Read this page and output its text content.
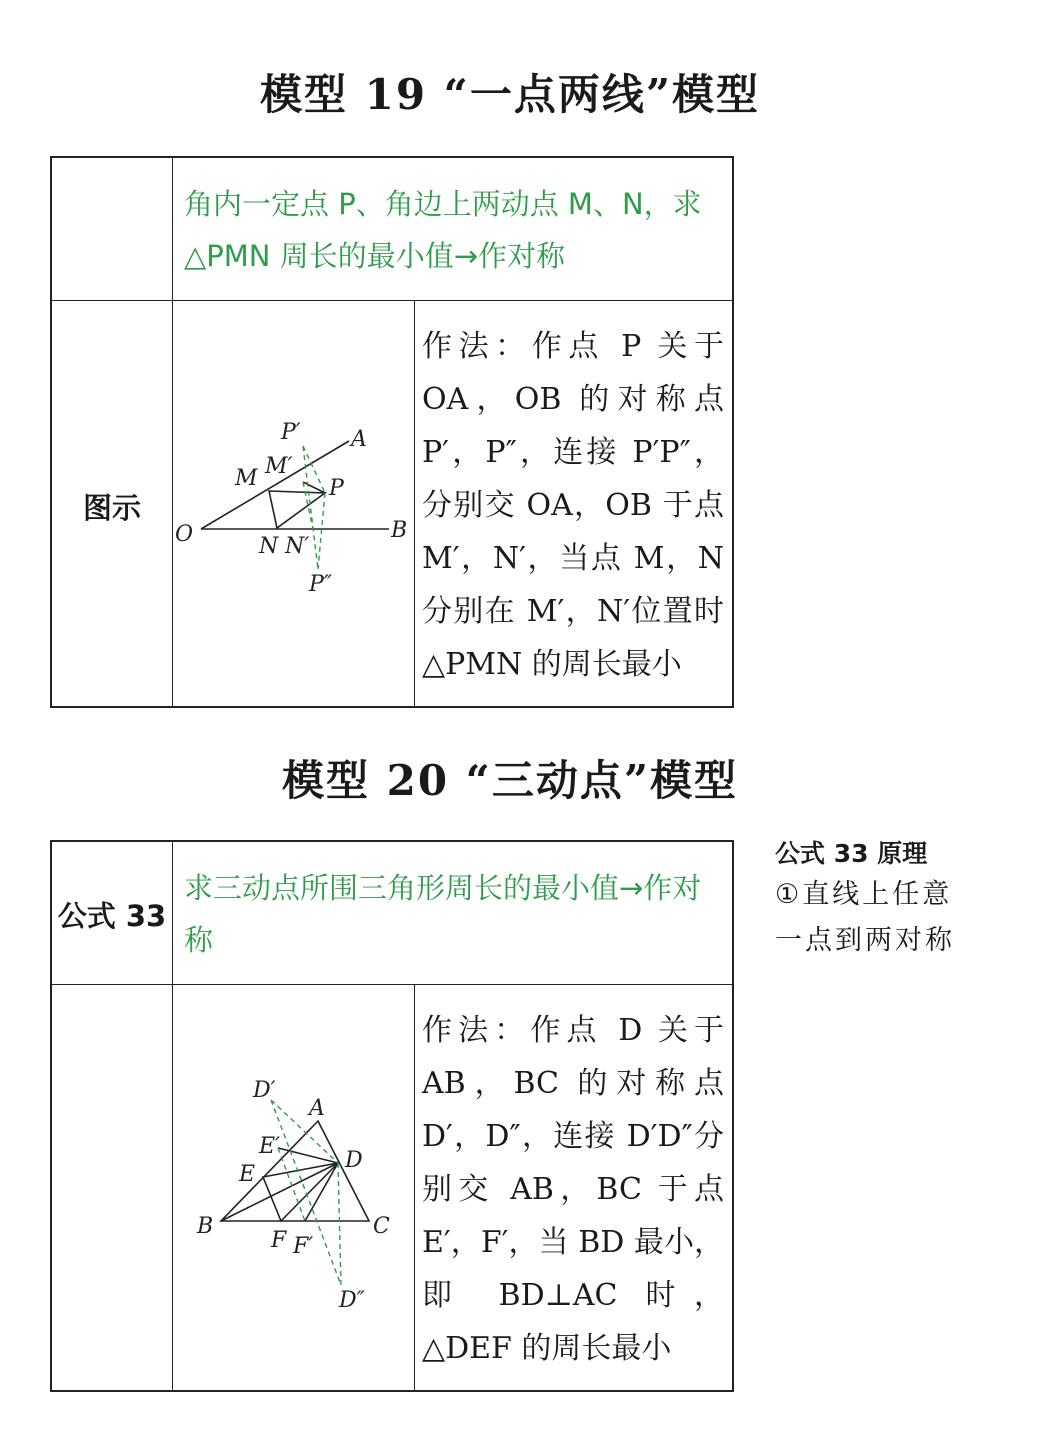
模型 19 “一点两线”模型
角内一定点 P、角边上两动点 M、N，求△PMN 周长的最小值→作对称
图示
O
A
B
M M′
N N′
P
P′
P″
作法：作点 P 关于 OA，OB 的对称点 P′，P″，连接 P′P″，分别交 OA，OB 于点 M′，N′，当点 M，N 分别在 M′，N′位置时△PMN 的周长最小
模型 20 “三动点”模型
公式 33
求三动点所围三角形周长的最小值→作对称
A
B	C
D
D′
D″
E
E′
F F′
作法：作点 D 关于 AB，BC 的对称点 D′，D″，连接 D′D″分别交 AB，BC 于点 E′，F′，当 BD 最小，即 BD⊥AC 时，△DEF 的周长最小
公式 33 原理
①直线上任意一点到两对称
